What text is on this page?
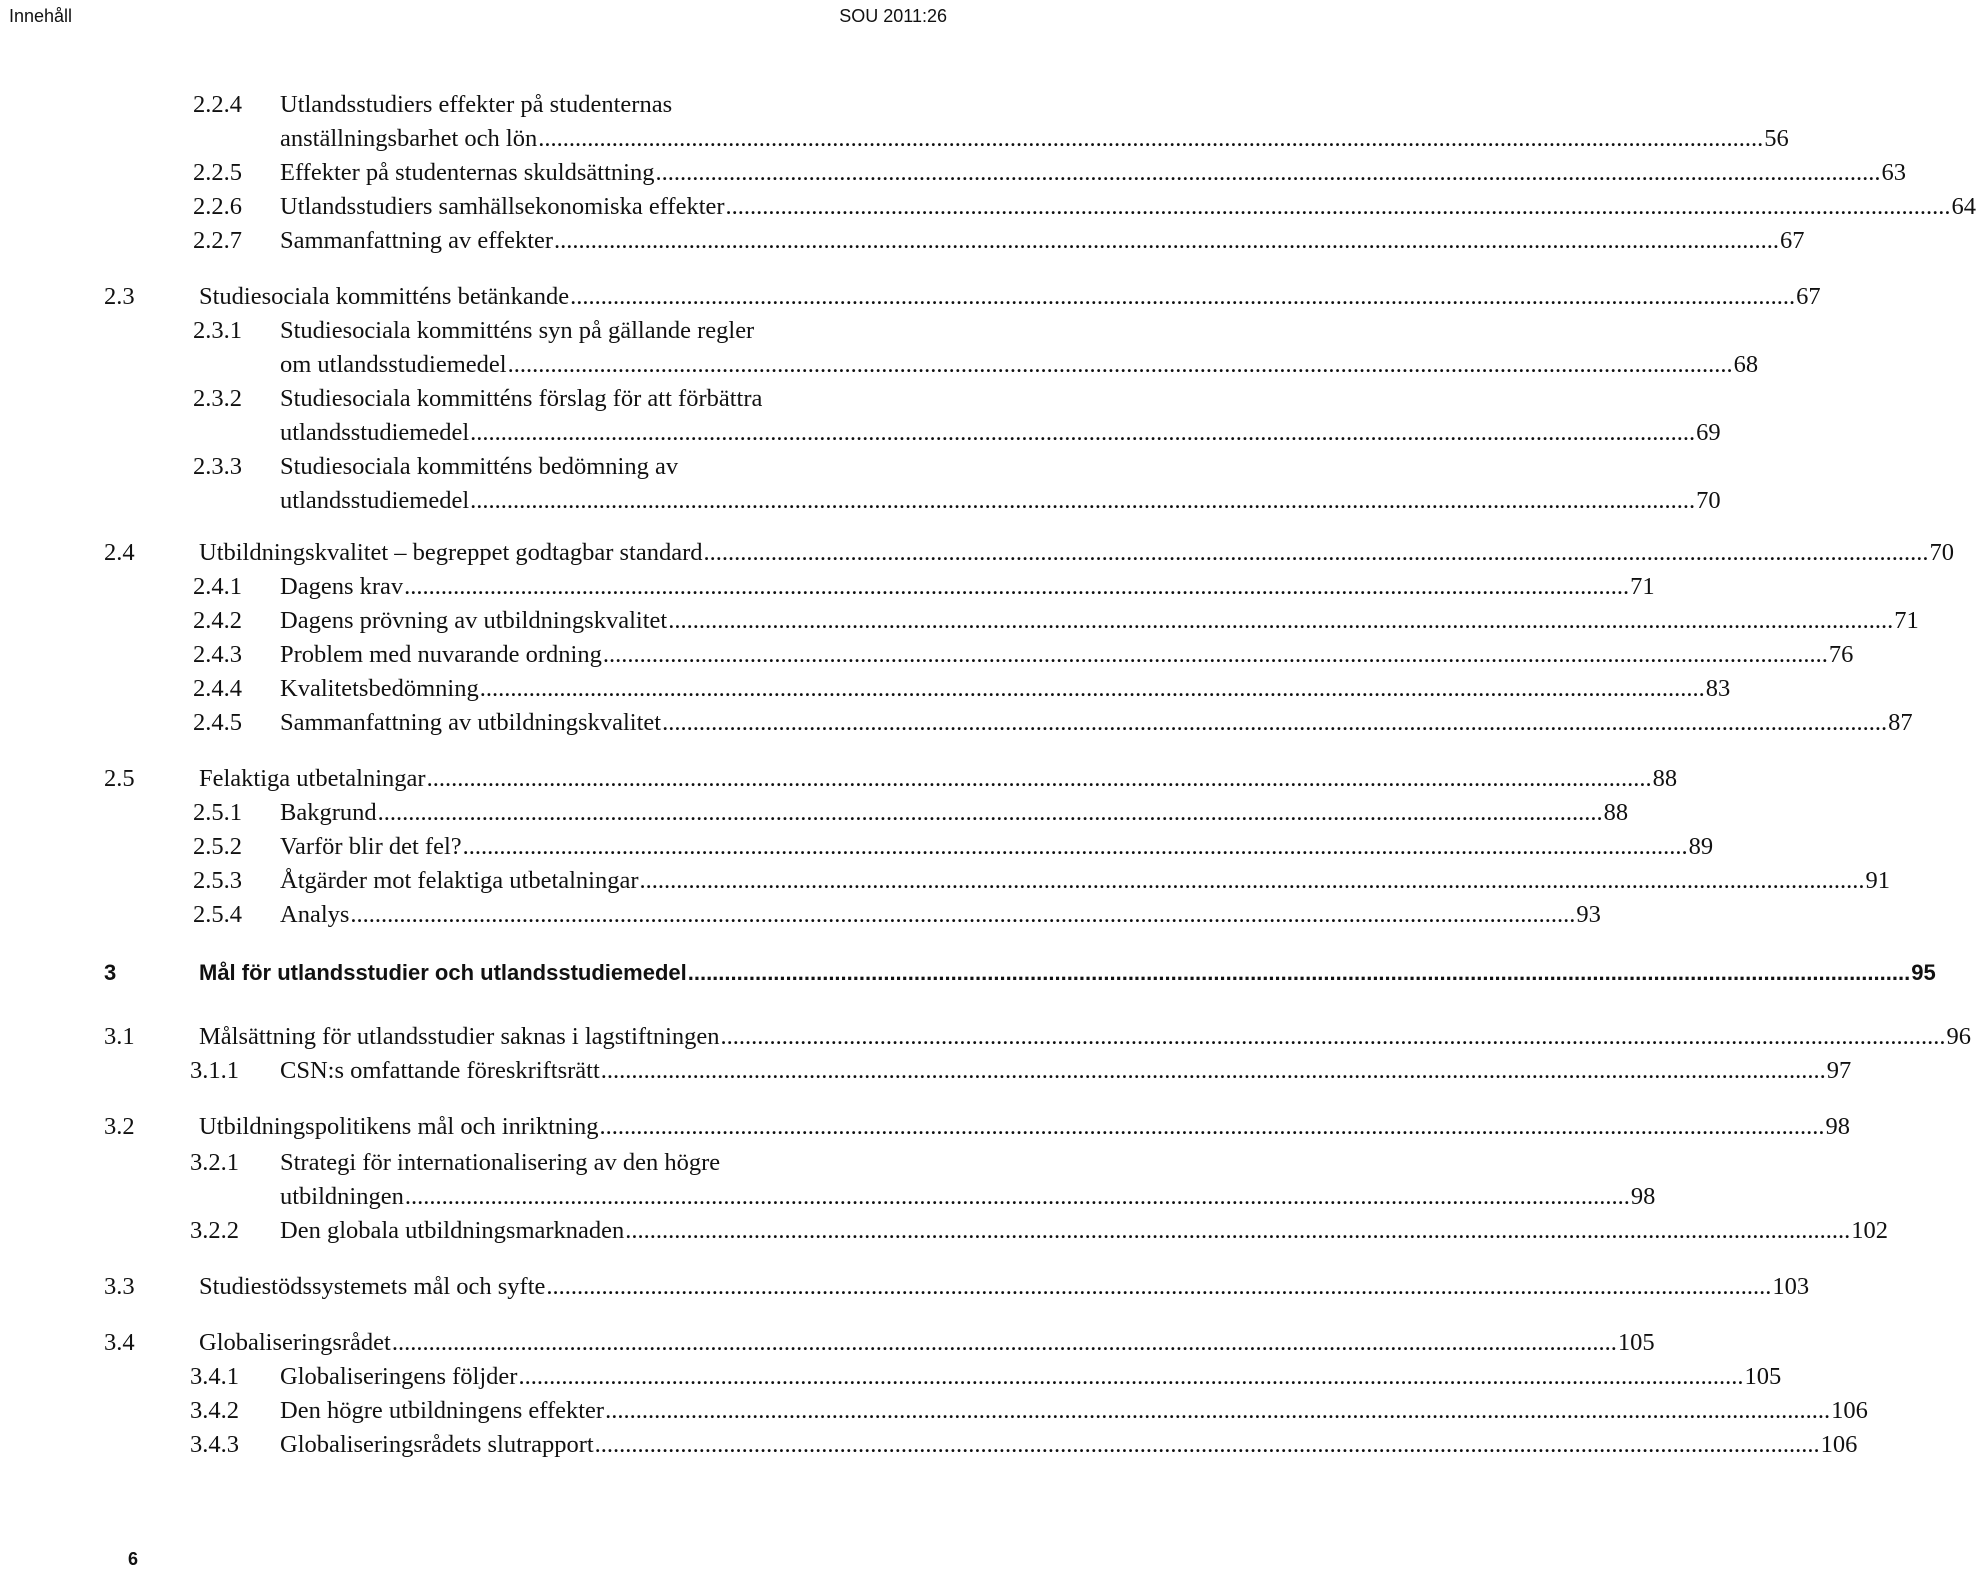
Innehåll	SOU 2011:26
2.2.4 Utlandsstudiers effekter på studenternas
anställningsbarhet och lön ........................................................................................................................................................................................................ 56
2.2.5 Effekter på studenternas skuldsättning ........................................................................................................................................................................................................ 63
2.2.6 Utlandsstudiers samhällsekonomiska effekter ........................................................................................................................................................................................................ 64
2.2.7 Sammanfattning av effekter ........................................................................................................................................................................................................ 67
2.3	Studiesociala kommitténs betänkande ........................................................................................................................................................................................................ 67
2.3.1 Studiesociala kommitténs syn på gällande regler
om utlandsstudiemedel ........................................................................................................................................................................................................ 68
2.3.2 Studiesociala kommitténs förslag för att förbättra
utlandsstudiemedel ........................................................................................................................................................................................................ 69
2.3.3 Studiesociala kommitténs bedömning av
utlandsstudiemedel ........................................................................................................................................................................................................ 70
2.4	Utbildningskvalitet – begreppet godtagbar standard ........................................................................................................................................................................................................ 70
2.4.1 Dagens krav ........................................................................................................................................................................................................ 71
2.4.2 Dagens prövning av utbildningskvalitet ........................................................................................................................................................................................................ 71
2.4.3 Problem med nuvarande ordning ........................................................................................................................................................................................................ 76
2.4.4 Kvalitetsbedömning ........................................................................................................................................................................................................ 83
2.4.5 Sammanfattning av utbildningskvalitet ........................................................................................................................................................................................................ 87
2.5	Felaktiga utbetalningar ........................................................................................................................................................................................................ 88
2.5.1 Bakgrund ........................................................................................................................................................................................................ 88
2.5.2 Varför blir det fel? ........................................................................................................................................................................................................ 89
2.5.3 Åtgärder mot felaktiga utbetalningar ........................................................................................................................................................................................................ 91
2.5.4 Analys ........................................................................................................................................................................................................ 93
3	Mål för utlandsstudier och utlandsstudiemedel ........................................................................................................................................................................................................ 95
3.1	Målsättning för utlandsstudier saknas i lagstiftningen ........................................................................................................................................................................................................ 96
3.1.1 CSN:s omfattande föreskriftsrätt ........................................................................................................................................................................................................ 97
3.2	Utbildningspolitikens mål och inriktning ........................................................................................................................................................................................................ 98
3.2.1 Strategi för internationalisering av den högre
utbildningen ........................................................................................................................................................................................................ 98
3.2.2 Den globala utbildningsmarknaden ........................................................................................................................................................................................................ 102
3.3	Studiestödssystemets mål och syfte ........................................................................................................................................................................................................ 103
3.4	Globaliseringsrådet ........................................................................................................................................................................................................ 105
3.4.1 Globaliseringens följder ........................................................................................................................................................................................................ 105
3.4.2 Den högre utbildningens effekter ........................................................................................................................................................................................................ 106
3.4.3 Globaliseringsrådets slutrapport ........................................................................................................................................................................................................ 106
6
